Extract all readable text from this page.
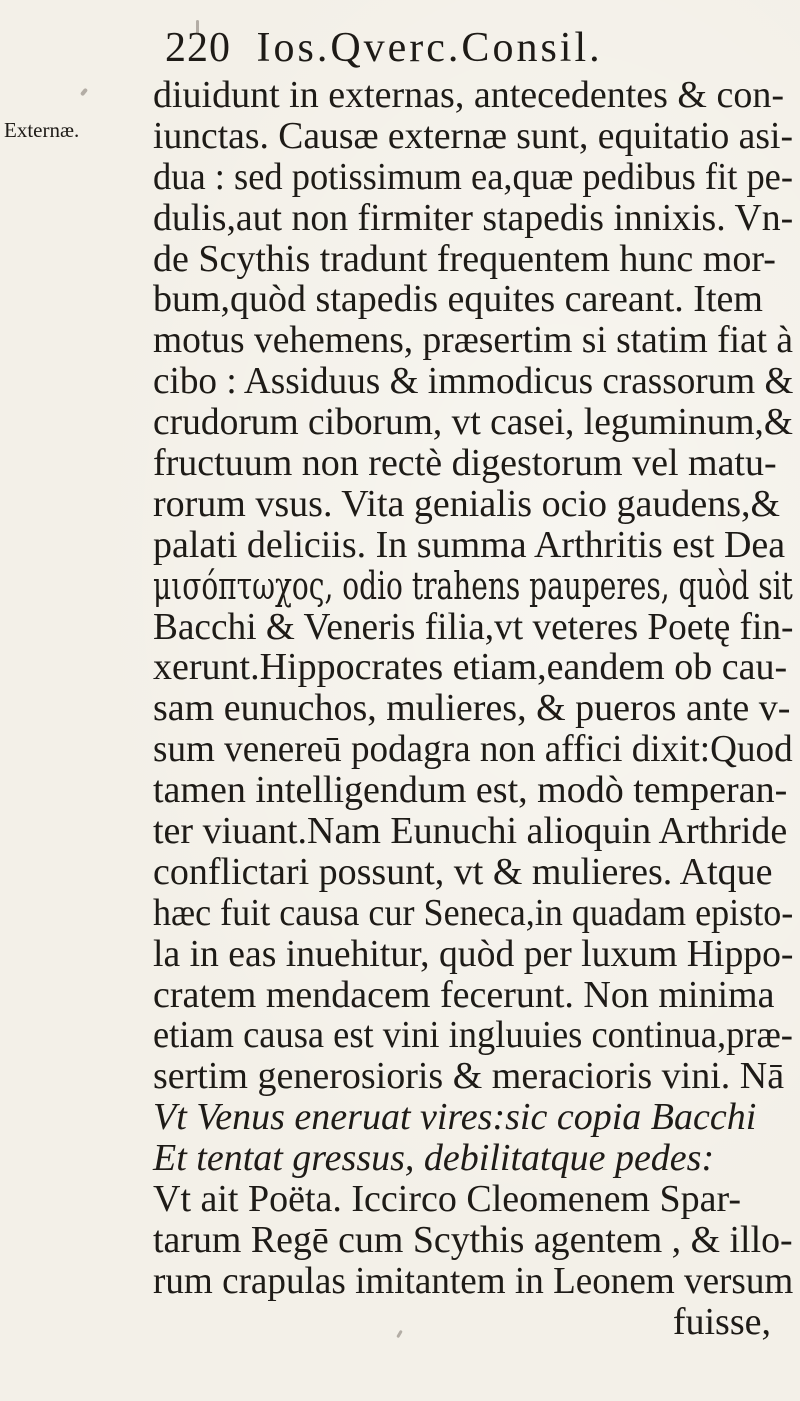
220 Ios.Qverc.Consil.
Externæ.
diuidunt in externas, antecedentes & con-
iunctas. Causæ externæ sunt, equitatio asi-
dua : sed potissimum ea,quæ pedibus fit pe-
dulis,aut non firmiter stapedis innixis. Vn-
de Scythis tradunt frequentem hunc mor-
bum,quòd stapedis equites careant. Item
motus vehemens, præsertim si statim fiat à
cibo : Assiduus & immodicus crassorum &
crudorum ciborum, vt casei, leguminum,&
fructuum non rectè digestorum vel matu-
rorum vsus. Vita genialis ocio gaudens,&
palati deliciis. In summa Arthritis est Dea
μισόπτωχος, odio trahens pauperes, quòd sit
Bacchi & Veneris filia,vt veteres Poetę fin-
xerunt.Hippocrates etiam,eandem ob cau-
sam eunuchos, mulieres, & pueros ante v-
sum venereū podagra non affici dixit:Quod
tamen intelligendum est, modò temperan-
ter viuant.Nam Eunuchi alioquin Arthride
conflictari possunt, vt & mulieres. Atque
hæc fuit causa cur Seneca,in quadam episto-
la in eas inuehitur, quòd per luxum Hippo-
cratem mendacem fecerunt. Non minima
etiam causa est vini ingluuies continua,præ-
sertim generosioris & meracioris vini. Nā
Vt Venus eneruat vires:sic copia Bacchi
Et tentat gressus, debilitatque pedes:
Vt ait Poëta. Iccirco Cleomenem Spar-
tarum Regē cum Scythis agentem , & illo-
rum crapulas imitantem in Leonem versum
fuisse,
